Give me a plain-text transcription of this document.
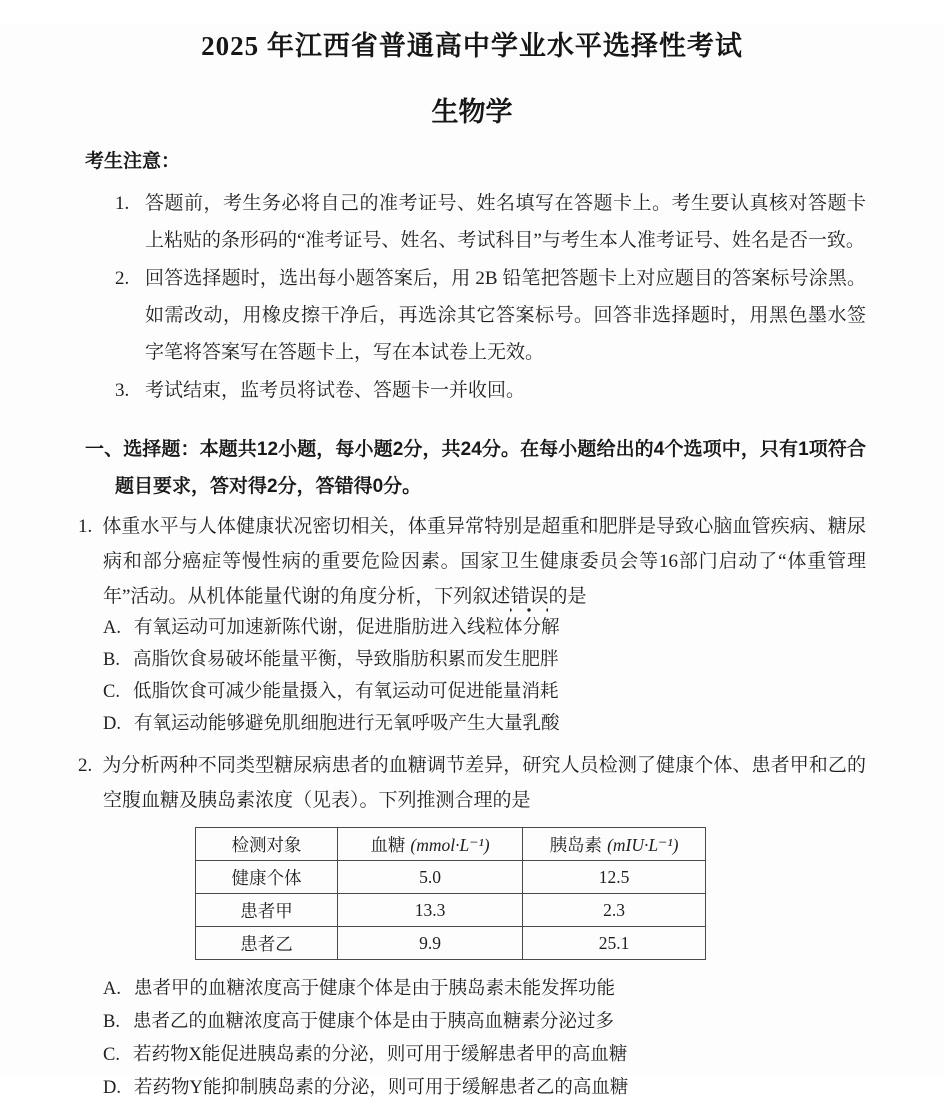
2025 年江西省普通高中学业水平选择性考试
生物学

考生注意：

1. 答题前，考生务必将自己的准考证号、姓名填写在答题卡上。考生要认真核对答题卡上粘贴的条形码的“准考证号、姓名、考试科目”与考生本人准考证号、姓名是否一致。

2. 回答选择题时，选出每小题答案后，用 2B 铅笔把答题卡上对应题目的答案标号涂黑。如需改动，用橡皮擦干净后，再选涂其它答案标号。回答非选择题时，用黑色墨水签字笔将答案写在答题卡上，写在本试卷上无效。

3. 考试结束，监考员将试卷、答题卡一并收回。

一、选择题：本题共12小题，每小题2分，共24分。在每小题给出的4个选项中，只有1项符合题目要求，答对得2分，答错得0分。

1. 体重水平与人体健康状况密切相关，体重异常特别是超重和肥胖是导致心脑血管疾病、糖尿病和部分癌症等慢性病的重要危险因素。国家卫生健康委员会等16部门启动了“体重管理年”活动。从机体能量代谢的角度分析，下列叙述错误的是

A. 有氧运动可加速新陈代谢，促进脂肪进入线粒体分解

B. 高脂饮食易破坏能量平衡，导致脂肪积累而发生肥胖

C. 低脂饮食可减少能量摄入，有氧运动可促进能量消耗

D. 有氧运动能够避免肌细胞进行无氧呼吸产生大量乳酸

2. 为分析两种不同类型糖尿病患者的血糖调节差异，研究人员检测了健康个体、患者甲和乙的空腹血糖及胰岛素浓度（见表）。下列推测合理的是

检测对象	血糖 (mmol·L⁻¹)	胰岛素 (mIU·L⁻¹)
健康个体	5.0	12.5
患者甲	13.3	2.3
患者乙	9.9	25.1

A. 患者甲的血糖浓度高于健康个体是由于胰岛素未能发挥功能

B. 患者乙的血糖浓度高于健康个体是由于胰高血糖素分泌过多

C. 若药物X能促进胰岛素的分泌，则可用于缓解患者甲的高血糖

D. 若药物Y能抑制胰岛素的分泌，则可用于缓解患者乙的高血糖
